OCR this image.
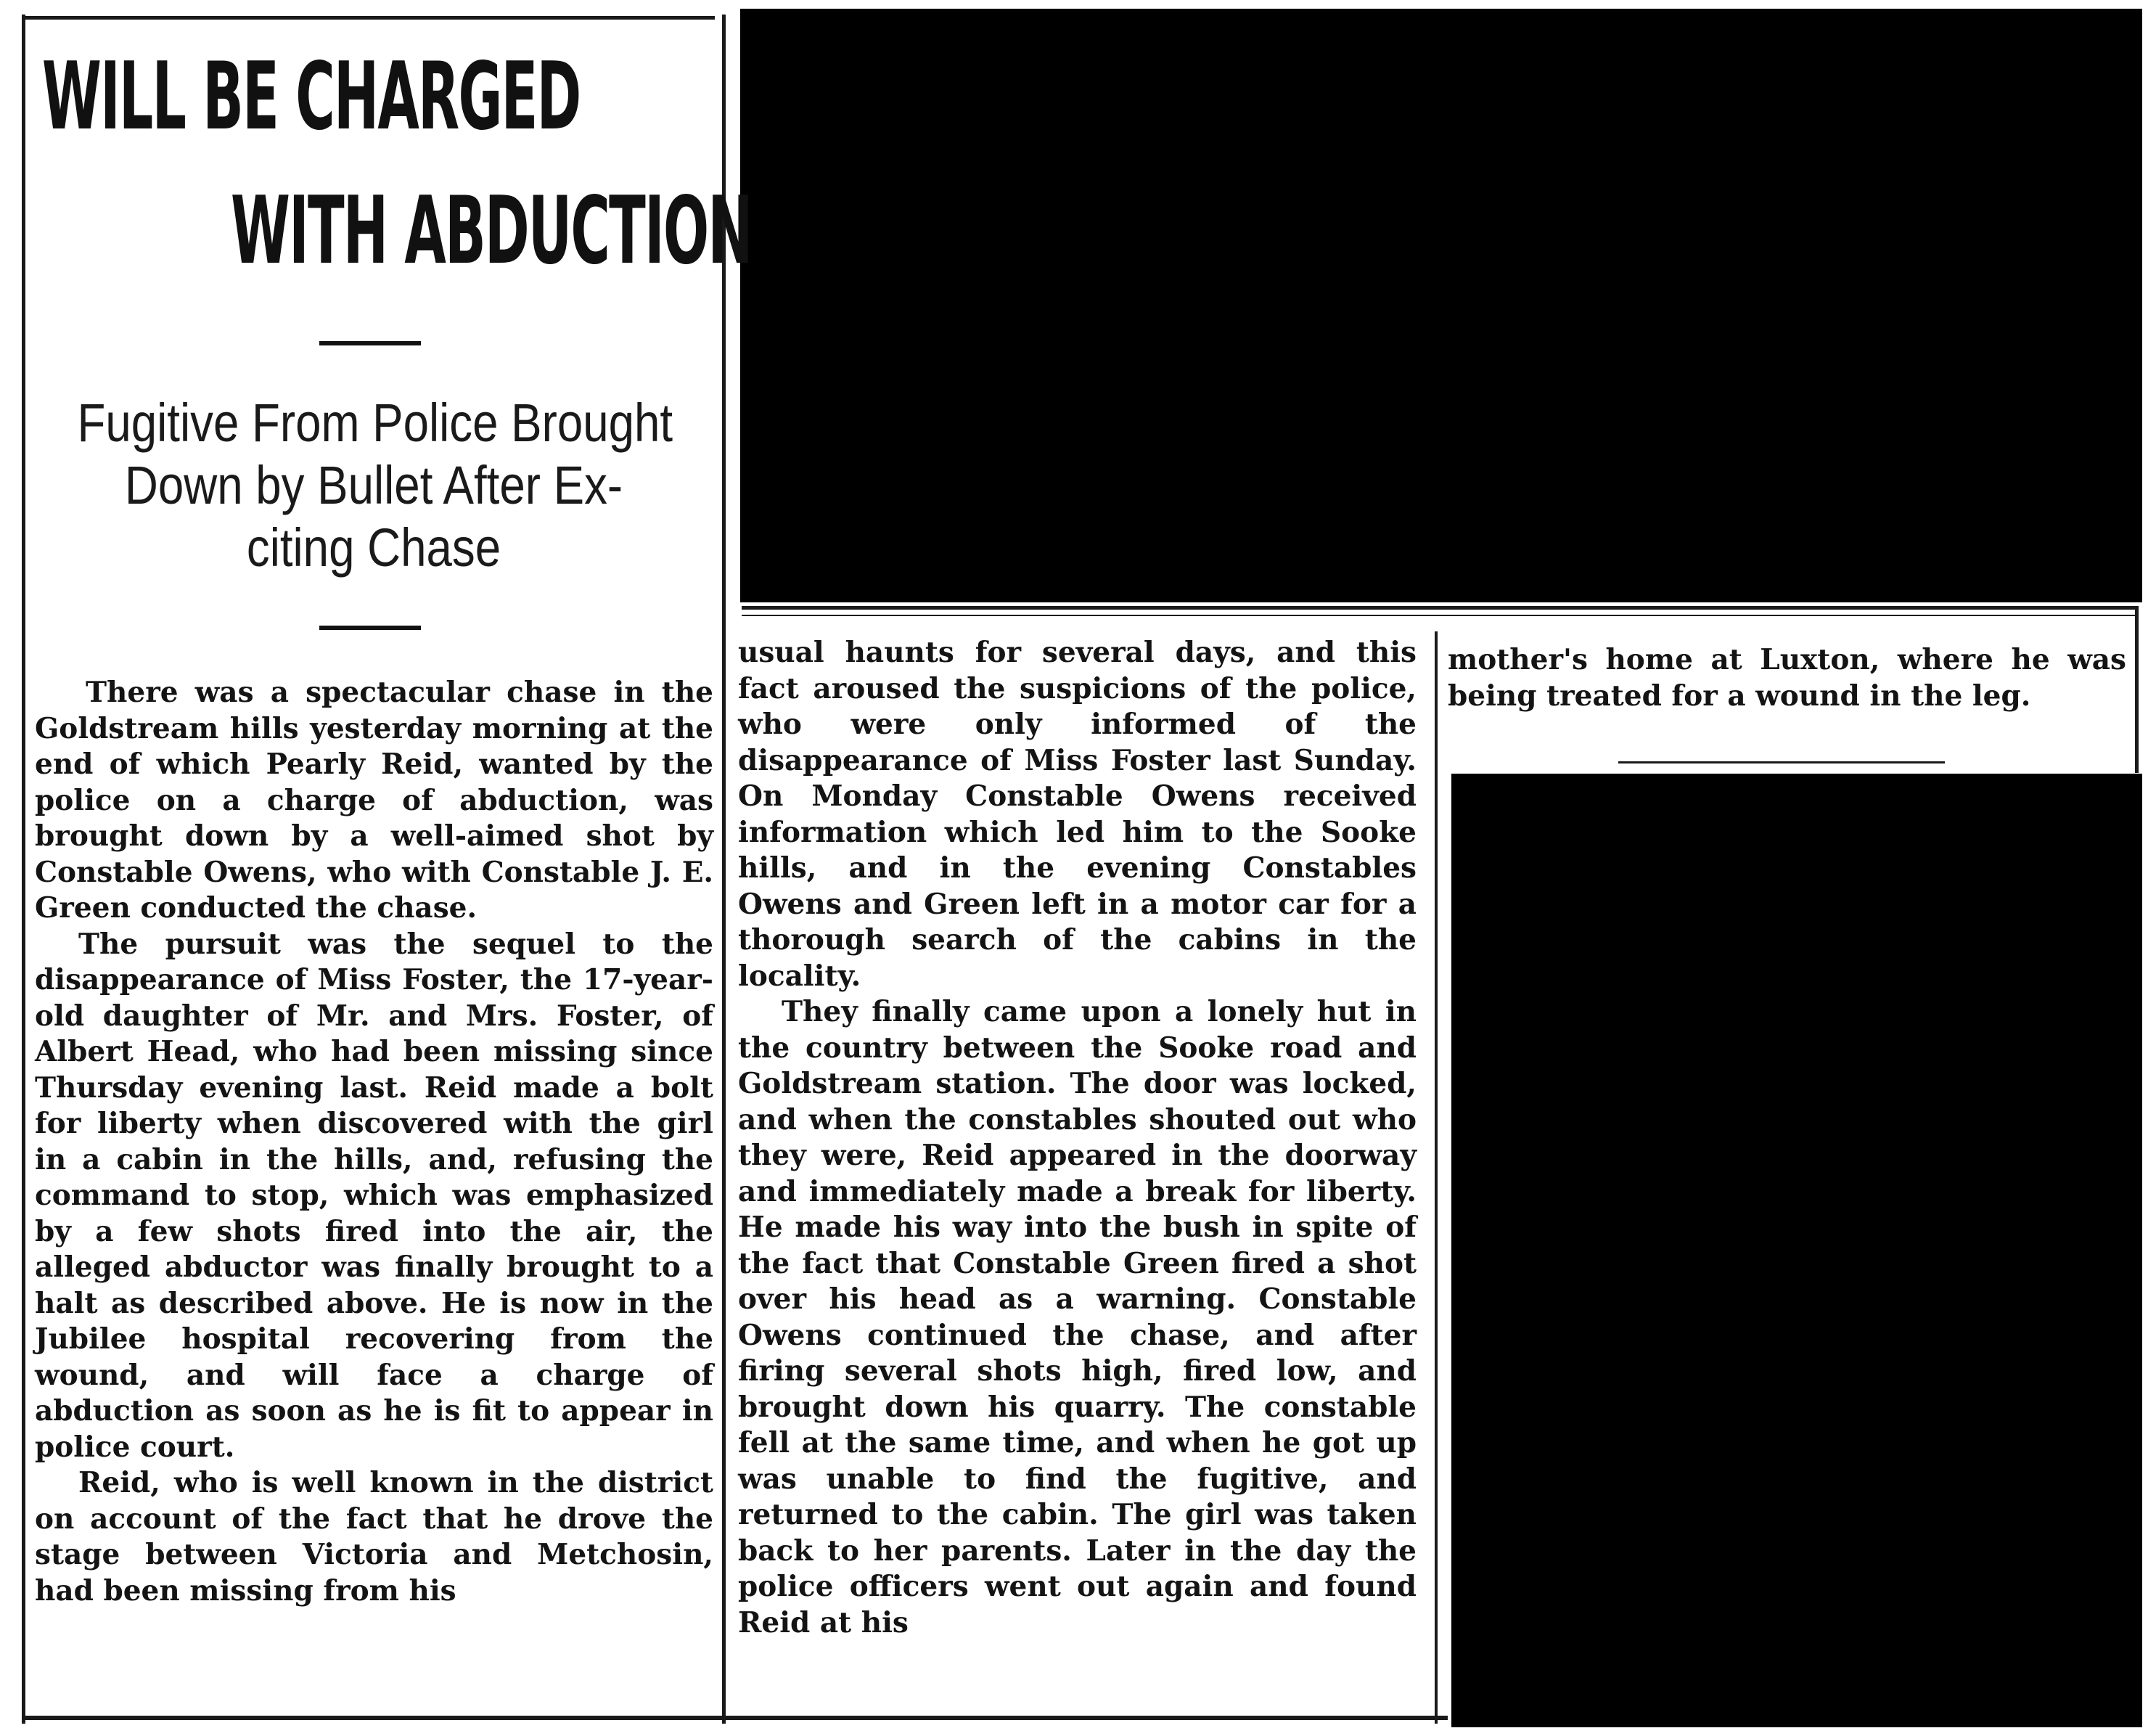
WILL BE CHARGED
WITH ABDUCTION
Fugitive From Police Brought
Down by Bullet After Ex-
citing Chase

There was a spectacular chase in the Goldstream hills yesterday morning at the end of which Pearly Reid, wanted by the police on a charge of abduction, was brought down by a well-aimed shot by Constable Owens, who with Constable J. E. Green conducted the chase.

The pursuit was the sequel to the disappearance of Miss Foster, the 17-year-old daughter of Mr. and Mrs. Foster, of Albert Head, who had been missing since Thursday evening last. Reid made a bolt for liberty when discovered with the girl in a cabin in the hills, and, refusing the command to stop, which was emphasized by a few shots fired into the air, the alleged abductor was finally brought to a halt as described above. He is now in the Jubilee hospital recovering from the wound, and will face a charge of abduction as soon as he is fit to appear in police court.

Reid, who is well known in the district on account of the fact that he drove the stage between Victoria and Metchosin, had been missing from his

usual haunts for several days, and this fact aroused the suspicions of the police, who were only informed of the disappearance of Miss Foster last Sunday. On Monday Constable Owens received information which led him to the Sooke hills, and in the evening Constables Owens and Green left in a motor car for a thorough search of the cabins in the locality.

They finally came upon a lonely hut in the country between the Sooke road and Goldstream station. The door was locked, and when the constables shouted out who they were, Reid appeared in the doorway and immediately made a break for liberty. He made his way into the bush in spite of the fact that Constable Green fired a shot over his head as a warning. Constable Owens continued the chase, and after firing several shots high, fired low, and brought down his quarry. The constable fell at the same time, and when he got up was unable to find the fugitive, and returned to the cabin. The girl was taken back to her parents. Later in the day the police officers went out again and found Reid at his

mother's home at Luxton, where he was being treated for a wound in the leg.
